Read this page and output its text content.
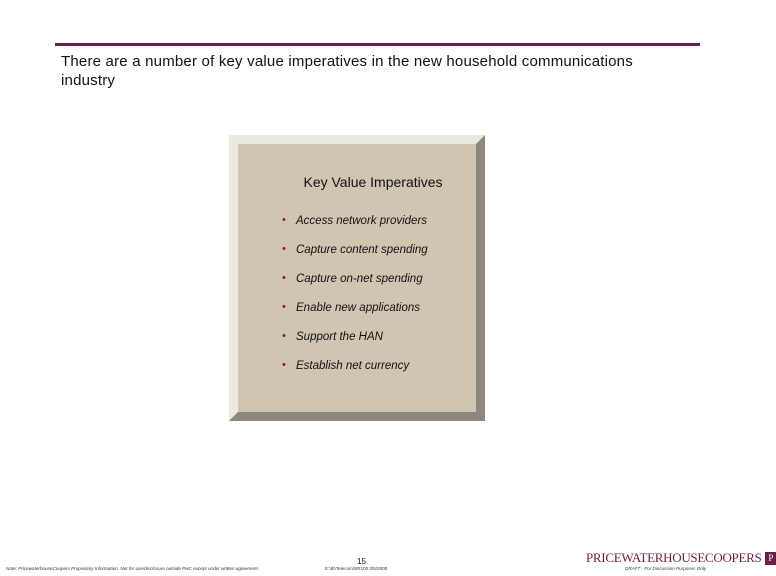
There are a number of key value imperatives in the new household communications industry
Key Value Imperatives
• Access network providers
• Capture content spending
• Capture on-net spending
• Enable new applications
• Support the HAN
• Establish net currency
Note: PricewaterhouseCoopers Proprietary Information. Not for use/disclosure outside PwC except under written agreement.
15
E:\tb\Telecom\SR100.3\5/2000
PRICEWATERHOUSECOOPERS P
DRAFT - For Discussion Purposes Only
